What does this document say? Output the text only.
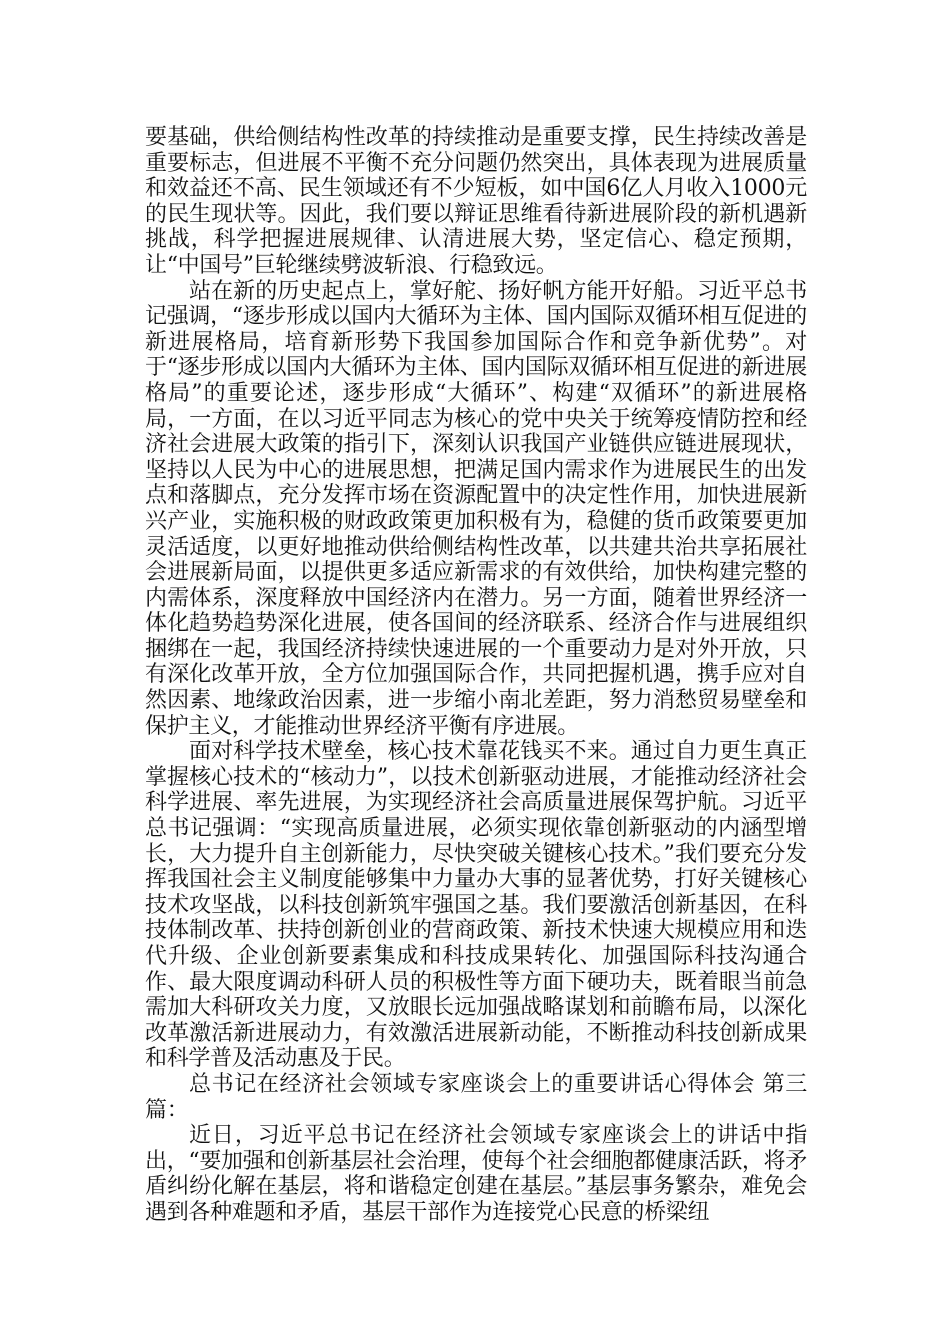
要基础，供给侧结构性改革的持续推动是重要支撑，民生持续改善是重要标志，但进展不平衡不充分问题仍然突出，具体表现为进展质量和效益还不高、民生领域还有不少短板，如中国6亿人月收入1000元的民生现状等。因此，我们要以辩证思维看待新进展阶段的新机遇新挑战，科学把握进展规律、认清进展大势，坚定信心、稳定预期，让“中国号”巨轮继续劈波斩浪、行稳致远。

站在新的历史起点上，掌好舵、扬好帆方能开好船。习近平总书记强调，“逐步形成以国内大循环为主体、国内国际双循环相互促进的新进展格局，培育新形势下我国参加国际合作和竞争新优势”。对于“逐步形成以国内大循环为主体、国内国际双循环相互促进的新进展格局”的重要论述，逐步形成“大循环”、构建“双循环”的新进展格局，一方面，在以习近平同志为核心的党中央关于统筹疫情防控和经济社会进展大政策的指引下，深刻认识我国产业链供应链进展现状，坚持以人民为中心的进展思想，把满足国内需求作为进展民生的出发点和落脚点，充分发挥市场在资源配置中的决定性作用，加快进展新兴产业，实施积极的财政政策更加积极有为，稳健的货币政策要更加灵活适度，以更好地推动供给侧结构性改革，以共建共治共享拓展社会进展新局面，以提供更多适应新需求的有效供给，加快构建完整的内需体系，深度释放中国经济内在潜力。另一方面，随着世界经济一体化趋势趋势深化进展，使各国间的经济联系、经济合作与进展组织捆绑在一起，我国经济持续快速进展的一个重要动力是对外开放，只有深化改革开放，全方位加强国际合作，共同把握机遇，携手应对自然因素、地缘政治因素，进一步缩小南北差距，努力消愁贸易壁垒和保护主义，才能推动世界经济平衡有序进展。

面对科学技术壁垒，核心技术靠花钱买不来。通过自力更生真正掌握核心技术的“核动力”，以技术创新驱动进展，才能推动经济社会科学进展、率先进展，为实现经济社会高质量进展保驾护航。习近平总书记强调：“实现高质量进展，必须实现依靠创新驱动的内涵型增长，大力提升自主创新能力，尽快突破关键核心技术。”我们要充分发挥我国社会主义制度能够集中力量办大事的显著优势，打好关键核心技术攻坚战，以科技创新筑牢强国之基。我们要激活创新基因，在科技体制改革、扶持创新创业的营商政策、新技术快速大规模应用和迭代升级、企业创新要素集成和科技成果转化、加强国际科技沟通合作、最大限度调动科研人员的积极性等方面下硬功夫，既着眼当前急需加大科研攻关力度，又放眼长远加强战略谋划和前瞻布局，以深化改革激活新进展动力，有效激活进展新动能，不断推动科技创新成果和科学普及活动惠及于民。

总书记在经济社会领域专家座谈会上的重要讲话心得体会 第三篇：

近日，习近平总书记在经济社会领域专家座谈会上的讲话中指出，“要加强和创新基层社会治理，使每个社会细胞都健康活跃，将矛盾纠纷化解在基层，将和谐稳定创建在基层。”基层事务繁杂，难免会遇到各种难题和矛盾，基层干部作为连接党心民意的桥梁纽
